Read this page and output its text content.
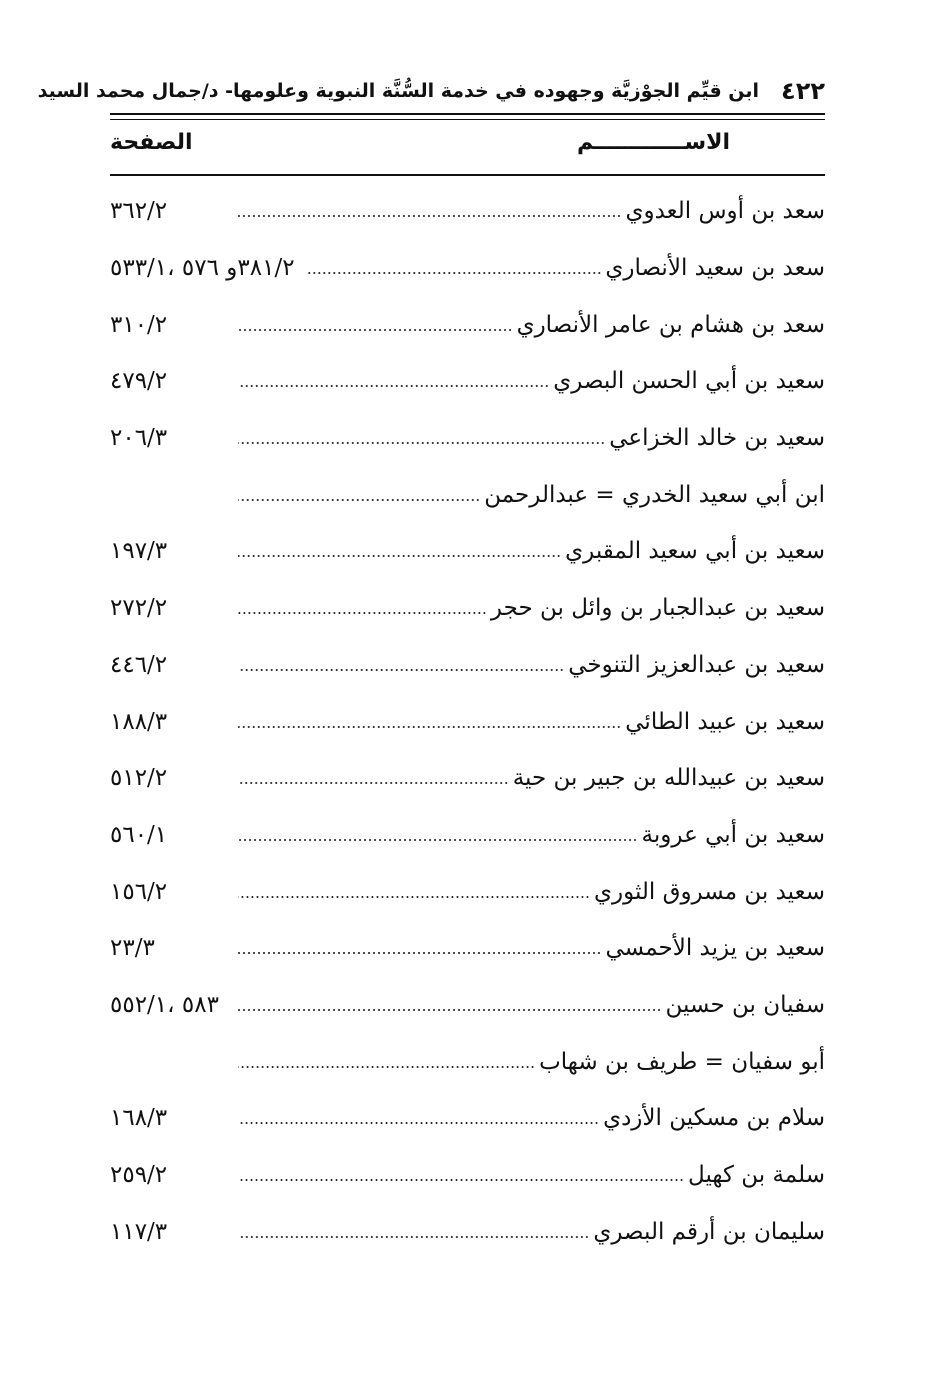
٤٢٢
ابن قيِّم الجوْزيَّة وجهوده في خدمة السُّنَّة النبوية وعلومها- د/جمال محمد السيد
الاســــــــــــم
الصفحة
سعد بن أوس العدوي
٣٦٢/٢
سعد بن سعيد الأنصاري
٣٨١/٢و ٥٧٦ ،٥٣٣/١
سعد بن هشام بن عامر الأنصاري
٣١٠/٢
سعيد بن أبي الحسن البصري
٤٧٩/٢
سعيد بن خالد الخزاعي
٢٠٦/٣
ابن أبي سعيد الخدري = عبدالرحمن
سعيد بن أبي سعيد المقبري
١٩٧/٣
سعيد بن عبدالجبار بن وائل بن حجر
٢٧٢/٢
سعيد بن عبدالعزيز التنوخي
٤٤٦/٢
سعيد بن عبيد الطائي
١٨٨/٣
سعيد بن عبيدالله بن جبير بن حية
٥١٢/٢
سعيد بن أبي عروبة
٥٦٠/١
سعيد بن مسروق الثوري
١٥٦/٢
سعيد بن يزيد الأحمسي
٢٣/٣
سفيان بن حسين
٥٨٣ ،٥٥٢/١
أبو سفيان = طريف بن شهاب
سلام بن مسكين الأزدي
١٦٨/٣
سلمة بن كهيل
٢٥٩/٢
سليمان بن أرقم البصري
١١٧/٣
